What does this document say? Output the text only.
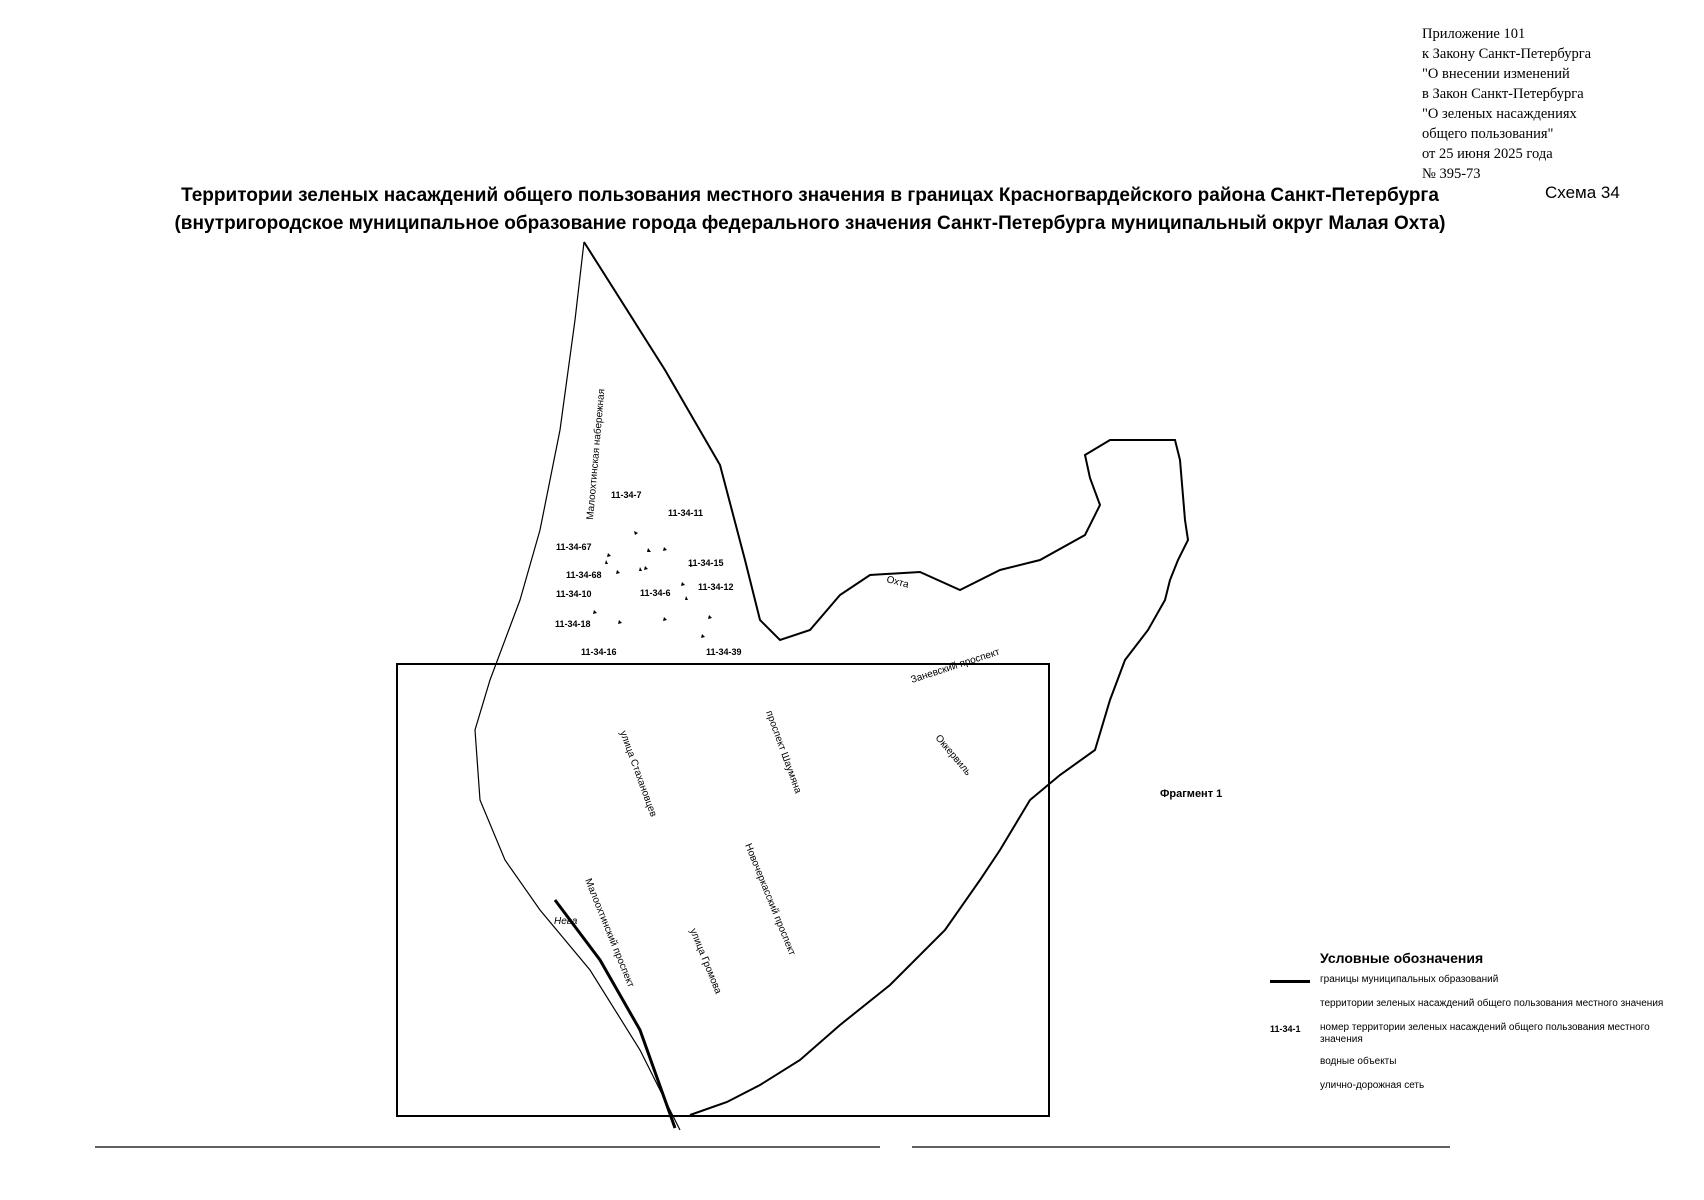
Приложение 101
к Закону Санкт-Петербурга
"О внесении изменений
в Закон Санкт-Петербурга
"О зеленых насаждениях
общего пользования"
от 25 июня 2025 года
№ 395-73
Территории зеленых насаждений общего пользования местного значения в границах Красногвардейского района Санкт-Петербурга
(внутригородское муниципальное образование города федерального значения Санкт-Петербурга муниципальный округ Малая Охта)
Схема 34
Малоохтинская набережная
Охта
Заневский проспект
проспект Шаумяна	Оккервиль
улица Стахановцев
Новочеркасский проспект
Малоохтинский проспект
Нева
улица Громова
11-34-7
11-34-11
11-34-67
11-34-15
11-34-68
11-34-12
11-34-10	11-34-6
11-34-18
11-34-16	11-34-39
Фрагмент 1
Условные обозначения
границы муниципальных образований
территории зеленых насаждений общего пользования местного значения
11-34-1 номер территории зеленых насаждений общего пользования местного значения
водные объекты
улично-дорожная сеть
